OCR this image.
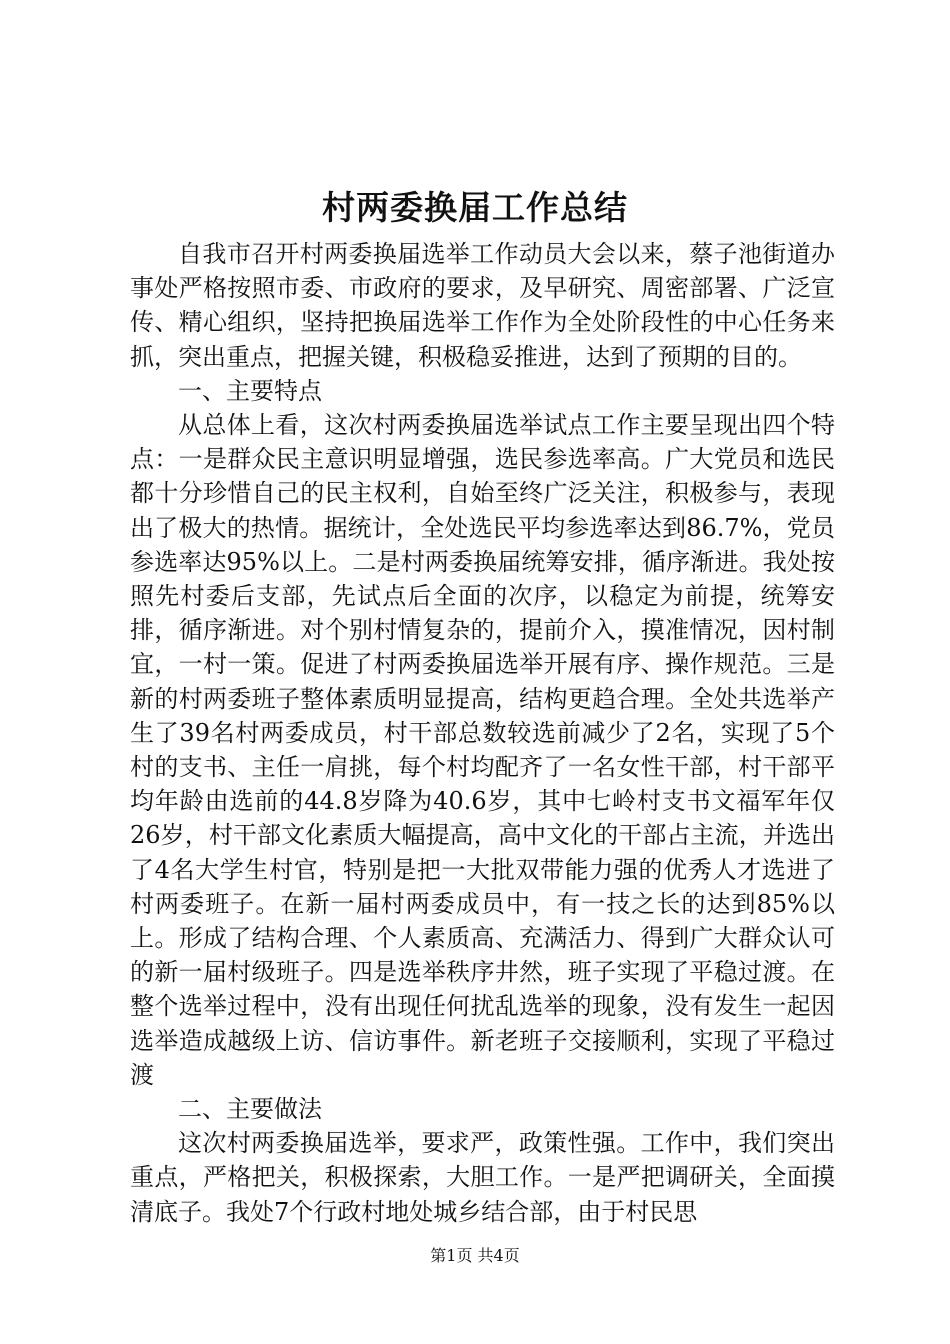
村两委换届工作总结

自我市召开村两委换届选举工作动员大会以来，蔡子池街道办事处严格按照市委、市政府的要求，及早研究、周密部署、广泛宣传、精心组织，坚持把换届选举工作作为全处阶段性的中心任务来抓，突出重点，把握关键，积极稳妥推进，达到了预期的目的。

一、主要特点

从总体上看，这次村两委换届选举试点工作主要呈现出四个特点：一是群众民主意识明显增强，选民参选率高。广大党员和选民都十分珍惜自己的民主权利，自始至终广泛关注，积极参与，表现出了极大的热情。据统计，全处选民平均参选率达到86.7%，党员参选率达95%以上。二是村两委换届统筹安排，循序渐进。我处按照先村委后支部，先试点后全面的次序，以稳定为前提，统筹安排，循序渐进。对个别村情复杂的，提前介入，摸准情况，因村制宜，一村一策。促进了村两委换届选举开展有序、操作规范。三是新的村两委班子整体素质明显提高，结构更趋合理。全处共选举产生了39名村两委成员，村干部总数较选前减少了2名，实现了5个村的支书、主任一肩挑，每个村均配齐了一名女性干部，村干部平均年龄由选前的44.8岁降为40.6岁，其中七岭村支书文福军年仅26岁，村干部文化素质大幅提高，高中文化的干部占主流，并选出了4名大学生村官，特别是把一大批双带能力强的优秀人才选进了村两委班子。在新一届村两委成员中，有一技之长的达到85%以上。形成了结构合理、个人素质高、充满活力、得到广大群众认可的新一届村级班子。四是选举秩序井然，班子实现了平稳过渡。在整个选举过程中，没有出现任何扰乱选举的现象，没有发生一起因选举造成越级上访、信访事件。新老班子交接顺利，实现了平稳过渡

二、主要做法

这次村两委换届选举，要求严，政策性强。工作中，我们突出重点，严格把关，积极探索，大胆工作。一是严把调研关，全面摸清底子。我处7个行政村地处城乡结合部，由于村民思

第1页 共4页
